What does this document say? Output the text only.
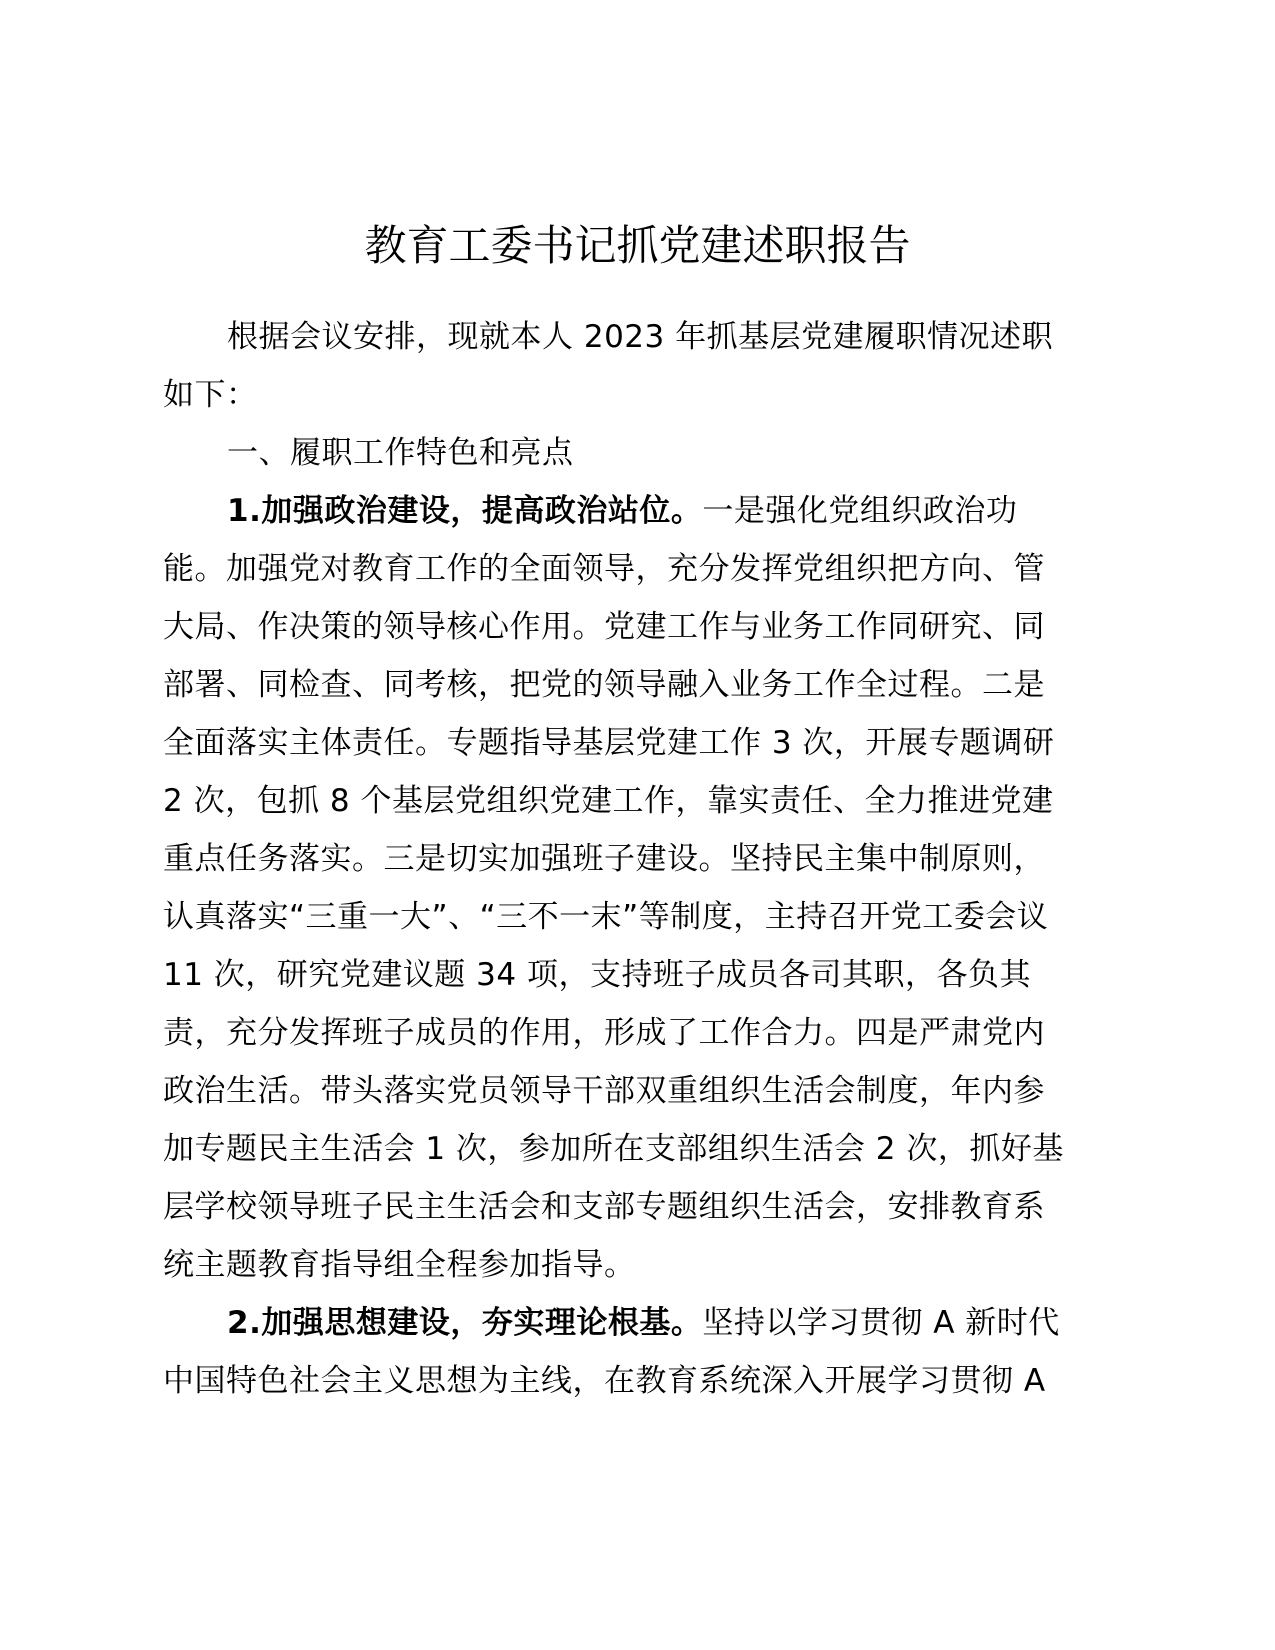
教育工委书记抓党建述职报告
根据会议安排，现就本人 2023 年抓基层党建履职情况述职
如下：
一、履职工作特色和亮点
1.加强政治建设，提高政治站位。一是强化党组织政治功
能。加强党对教育工作的全面领导，充分发挥党组织把方向、管
大局、作决策的领导核心作用。党建工作与业务工作同研究、同
部署、同检查、同考核，把党的领导融入业务工作全过程。二是
全面落实主体责任。专题指导基层党建工作 3 次，开展专题调研
2 次，包抓 8 个基层党组织党建工作，靠实责任、全力推进党建
重点任务落实。三是切实加强班子建设。坚持民主集中制原则，
认真落实“三重一大”、“三不一末”等制度，主持召开党工委会议
11 次，研究党建议题 34 项，支持班子成员各司其职，各负其
责，充分发挥班子成员的作用，形成了工作合力。四是严肃党内
政治生活。带头落实党员领导干部双重组织生活会制度，年内参
加专题民主生活会 1 次，参加所在支部组织生活会 2 次，抓好基
层学校领导班子民主生活会和支部专题组织生活会，安排教育系
统主题教育指导组全程参加指导。
2.加强思想建设，夯实理论根基。坚持以学习贯彻 A 新时代
中国特色社会主义思想为主线，在教育系统深入开展学习贯彻 A
